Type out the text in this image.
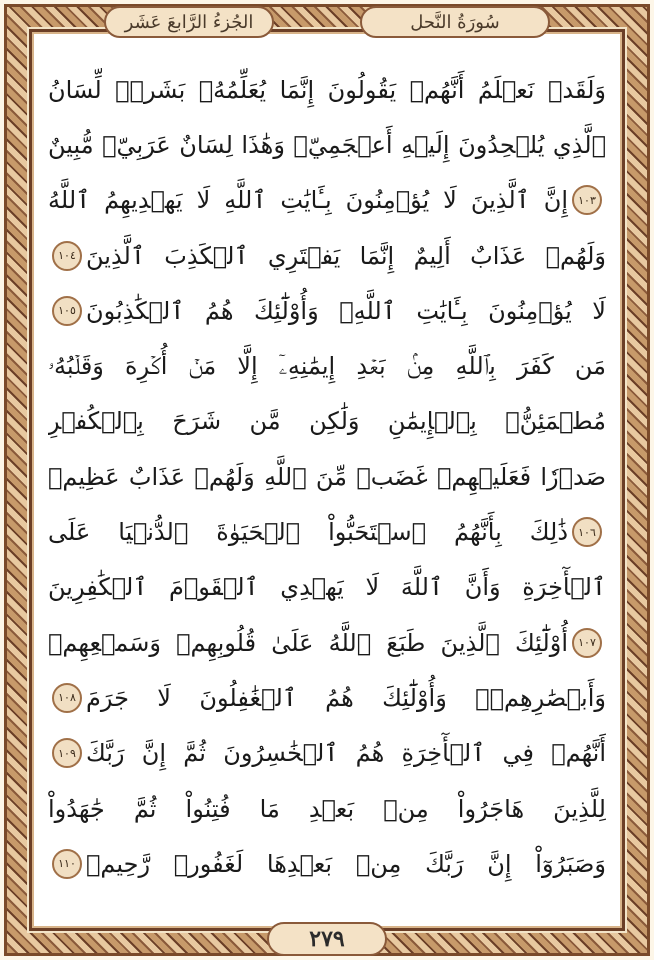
الجُزءُ الرَّابعَ عَشَر	سُورَةُ النَّحل
وَلَقَدۡ نَعۡلَمُ أَنَّهُمۡ يَقُولُونَ إِنَّمَا يُعَلِّمُهُۥ بَشَرٞۗ لِّسَانُ
ٱلَّذِي يُلۡحِدُونَ إِلَيۡهِ أَعۡجَمِيّٞ وَهَٰذَا لِسَانٌ عَرَبِيّٞ مُّبِينٌ
١٠٣
إِنَّ ٱلَّذِينَ لَا يُؤۡمِنُونَ بِـَٔايَٰتِ ٱللَّهِ لَا يَهۡدِيهِمُ ٱللَّهُ
وَلَهُمۡ عَذَابٌ أَلِيمٌ إِنَّمَا يَفۡتَرِي ٱلۡكَذِبَ ٱلَّذِينَ
١٠٤
لَا يُؤۡمِنُونَ بِـَٔايَٰتِ ٱللَّهِۖ وَأُوْلَٰٓئِكَ هُمُ ٱلۡكَٰذِبُونَ
١٠٥
مَن كَفَرَ بِٱللَّهِ مِنۢ بَعۡدِ إِيمَٰنِهِۦٓ إِلَّا مَنۡ أُكۡرِهَ وَقَلۡبُهُۥ
مُطۡمَئِنُّۢ بِٱلۡإِيمَٰنِ وَلَٰكِن مَّن شَرَحَ بِٱلۡكُفۡرِ
صَدۡرٗا فَعَلَيۡهِمۡ غَضَبٞ مِّنَ ٱللَّهِ وَلَهُمۡ عَذَابٌ عَظِيمٞ
١٠٦
ذَٰلِكَ بِأَنَّهُمُ ٱسۡتَحَبُّواْ ٱلۡحَيَوٰةَ ٱلدُّنۡيَا عَلَى
ٱلۡأٓخِرَةِ وَأَنَّ ٱللَّهَ لَا يَهۡدِي ٱلۡقَوۡمَ ٱلۡكَٰفِرِينَ
١٠٧
أُوْلَٰٓئِكَ ٱلَّذِينَ طَبَعَ ٱللَّهُ عَلَىٰ قُلُوبِهِمۡ وَسَمۡعِهِمۡ
وَأَبۡصَٰرِهِمۡۖ وَأُوْلَٰٓئِكَ هُمُ ٱلۡغَٰفِلُونَ لَا جَرَمَ
١٠٨
أَنَّهُمۡ فِي ٱلۡأٓخِرَةِ هُمُ ٱلۡخَٰسِرُونَ ثُمَّ إِنَّ رَبَّكَ
١٠٩
لِلَّذِينَ هَاجَرُواْ مِنۢ بَعۡدِ مَا فُتِنُواْ ثُمَّ جَٰهَدُواْ
وَصَبَرُوٓاْ إِنَّ رَبَّكَ مِنۢ بَعۡدِهَا لَغَفُورٞ رَّحِيمٞ
١١٠
٢٧٩
